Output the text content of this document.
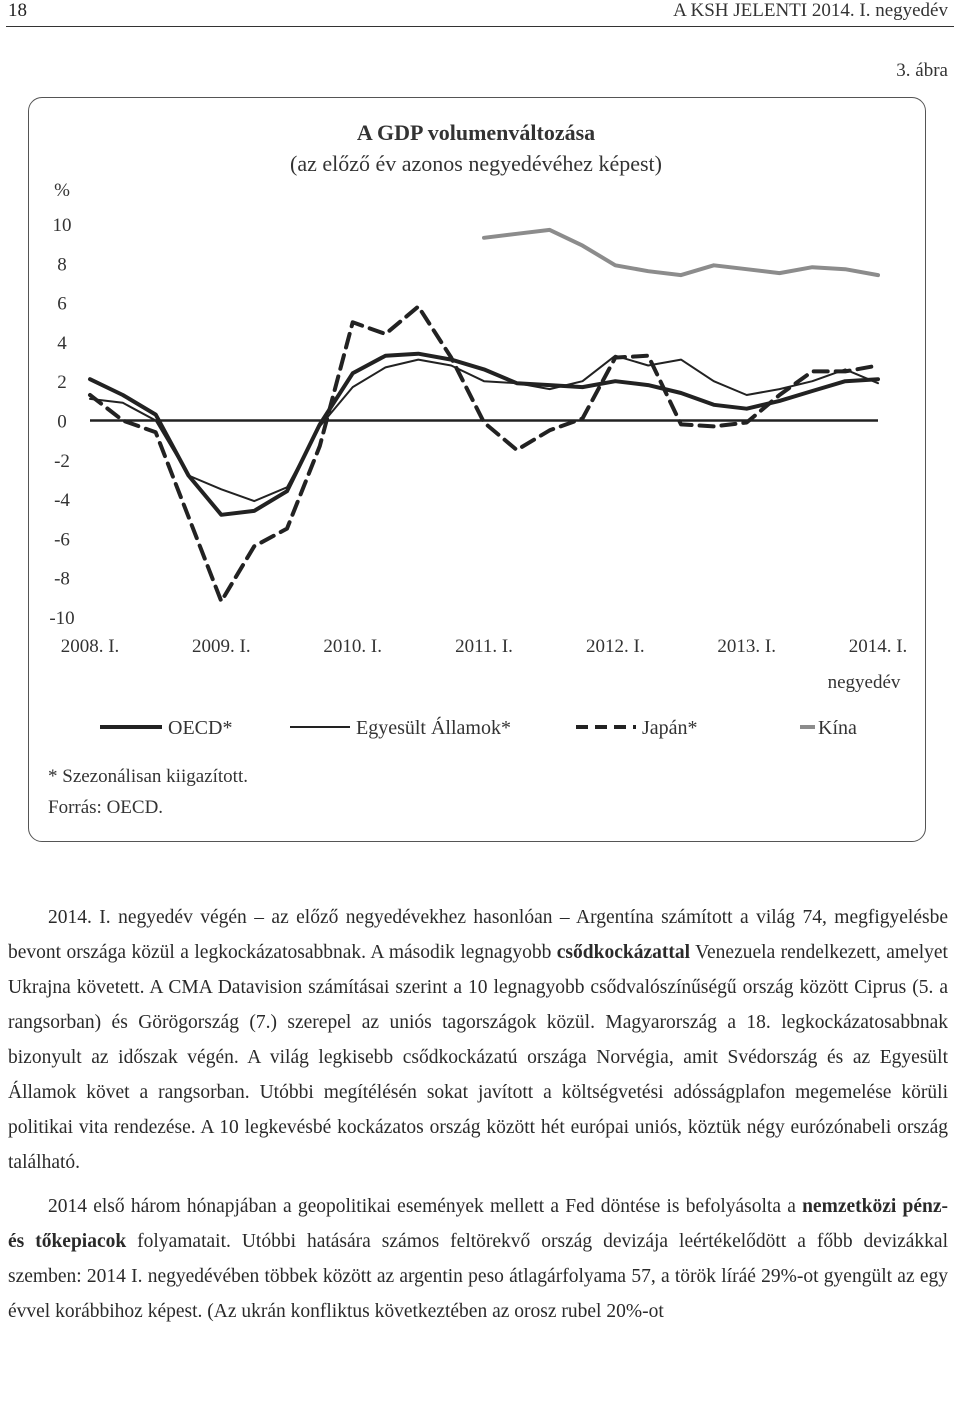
18	A KSH JELENTI 2014. I. negyedév
3. ábra
A GDP volumenváltozása
(az előző év azonos negyedévéhez képest)
%
10
8
6
4
2
0
-2
-4
-6
-8
-10
2008. I.	2009. I.	2010. I.	2011. I.	2012. I.	2013. I.	2014. I.
negyedév
OECD*	Egyesült Államok*	Japán*	Kína
* Szezonálisan kiigazított.
Forrás: OECD.

2014. I. negyedév végén – az előző negyedévekhez hasonlóan – Argentína számított a világ 74, megfigyelésbe bevont országa közül a legkockázatosabbnak. A második legnagyobb csődkockázattal Venezuela rendelkezett, amelyet Ukrajna követett. A CMA Datavision számításai szerint a 10 legnagyobb csődvalószínűségű ország között Ciprus (5. a rangsorban) és Görögország (7.) szerepel az uniós tagországok közül. Magyarország a 18. legkockázatosabbnak bizonyult az időszak végén. A világ legkisebb csődkockázatú országa Norvégia, amit Svédország és az Egyesült Államok követ a rangsorban. Utóbbi megítélésén sokat javított a költségvetési adósságplafon megemelése körüli politikai vita rendezése. A 10 legkevésbé kockázatos ország között hét európai uniós, köztük négy eurózónabeli ország található.

2014 első három hónapjában a geopolitikai események mellett a Fed döntése is befolyásolta a nemzetközi pénz- és tőkepiacok folyamatait. Utóbbi hatására számos feltörekvő ország devizája leértékelődött a főbb devizákkal szemben: 2014 I. negyedévében többek között az argentin peso átlagárfolyama 57, a török líráé 29%-ot gyengült az egy évvel korábbihoz képest. (Az ukrán konfliktus következtében az orosz rubel 20%-ot
